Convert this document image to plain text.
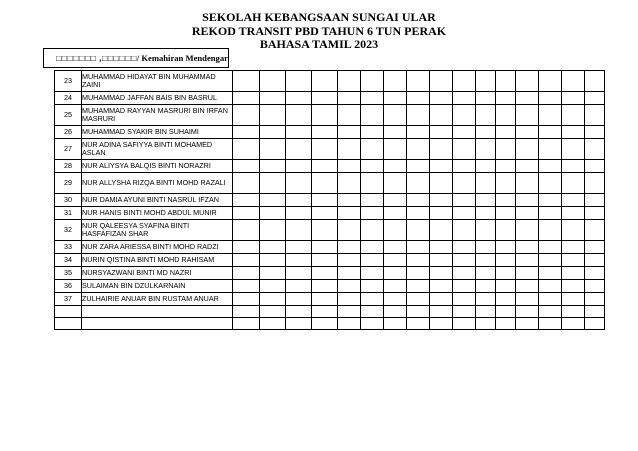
SEKOLAH KEBANGSAAN SUNGAI ULAR
REKOD TRANSIT PBD TAHUN 6 TUN PERAK
BAHASA TAMIL 2023
□□□□□□□ ,□□□□□□ / Kemahiran Mendengar
23	MUHAMMAD HIDAYAT BIN MUHAMMAD ZAINI																
24	MUHAMMAD JAFFAN BAIS BIN BASRUL																
25	MUHAMMAD RAYYAN MASRURI BIN IRFAN MASRURI																
26	MUHAMMAD SYAKIR BIN SUHAIMI																
27	NUR ADINA SAFIYYA BINTI MOHAMED ASLAN																
28	NUR ALIYSYA BALQIS BINTI NORAZRI																
29	NUR ALLYSHA RIZQA BINTI MOHD RAZALI																
30	NUR DAMIA AYUNI BINTI NASRUL IFZAN																
31	NUR HANIS BINTI MOHD ABDUL MUNIR																
32	NUR QALEESYA SYAFINA BINTI HASFAFIZAN SHAR																
33	NUR ZARA ARIESSA BINTI MOHD RADZI																
34	NURIN QISTINA BINTI MOHD RAHISAM																
35	NURSYAZWANI BINTI MD NAZRI																
36	SULAIMAN BIN DZULKARNAIN																
37	ZULHAIRIE ANUAR BIN RUSTAM ANUAR																
